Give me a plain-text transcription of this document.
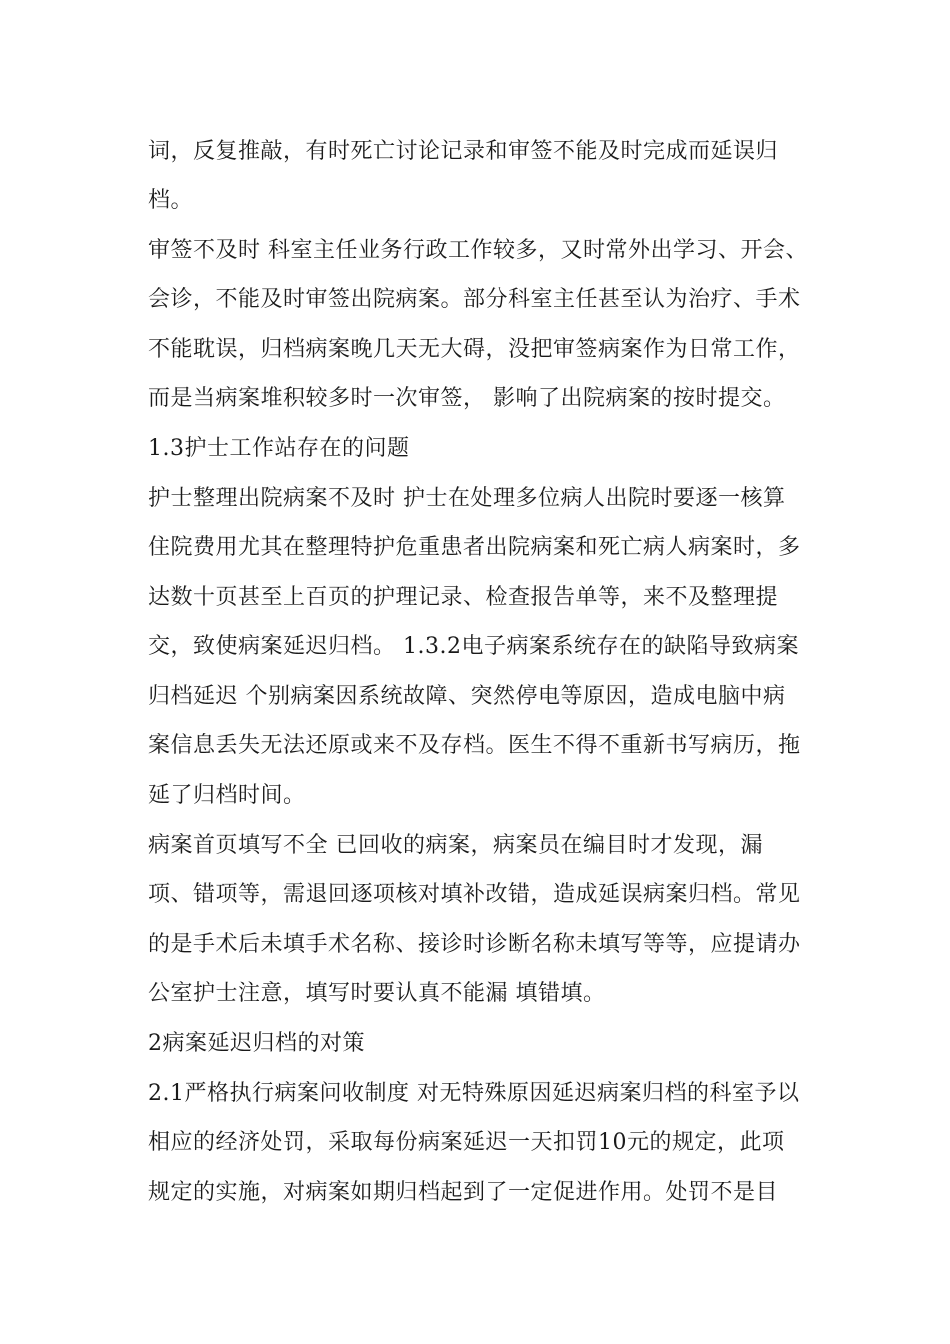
词，反复推敲，有时死亡讨论记录和审签不能及时完成而延误归
档。
审签不及时 科室主任业务行政工作较多，又时常外出学习、开会、
会诊，不能及时审签出院病案。部分科室主任甚至认为治疗、手术
不能耽误，归档病案晚几天无大碍，没把审签病案作为日常工作，
而是当病案堆积较多时一次审签， 影响了出院病案的按时提交。
1.3护士工作站存在的问题
护士整理出院病案不及时 护士在处理多位病人出院时要逐一核算
住院费用尤其在整理特护危重患者出院病案和死亡病人病案时，多
达数十页甚至上百页的护理记录、检查报告单等，来不及整理提
交，致使病案延迟归档。 1.3.2电子病案系统存在的缺陷导致病案
归档延迟 个别病案因系统故障、突然停电等原因，造成电脑中病
案信息丢失无法还原或来不及存档。医生不得不重新书写病历，拖
延了归档时间。
病案首页填写不全 已回收的病案，病案员在编目时才发现，漏
项、错项等，需退回逐项核对填补改错，造成延误病案归档。常见
的是手术后未填手术名称、接诊时诊断名称未填写等等，应提请办
公室护士注意，填写时要认真不能漏 填错填。
2病案延迟归档的对策
2.1严格执行病案问收制度 对无特殊原因延迟病案归档的科室予以
相应的经济处罚，采取每份病案延迟一天扣罚10元的规定，此项
规定的实施，对病案如期归档起到了一定促进作用。处罚不是目
